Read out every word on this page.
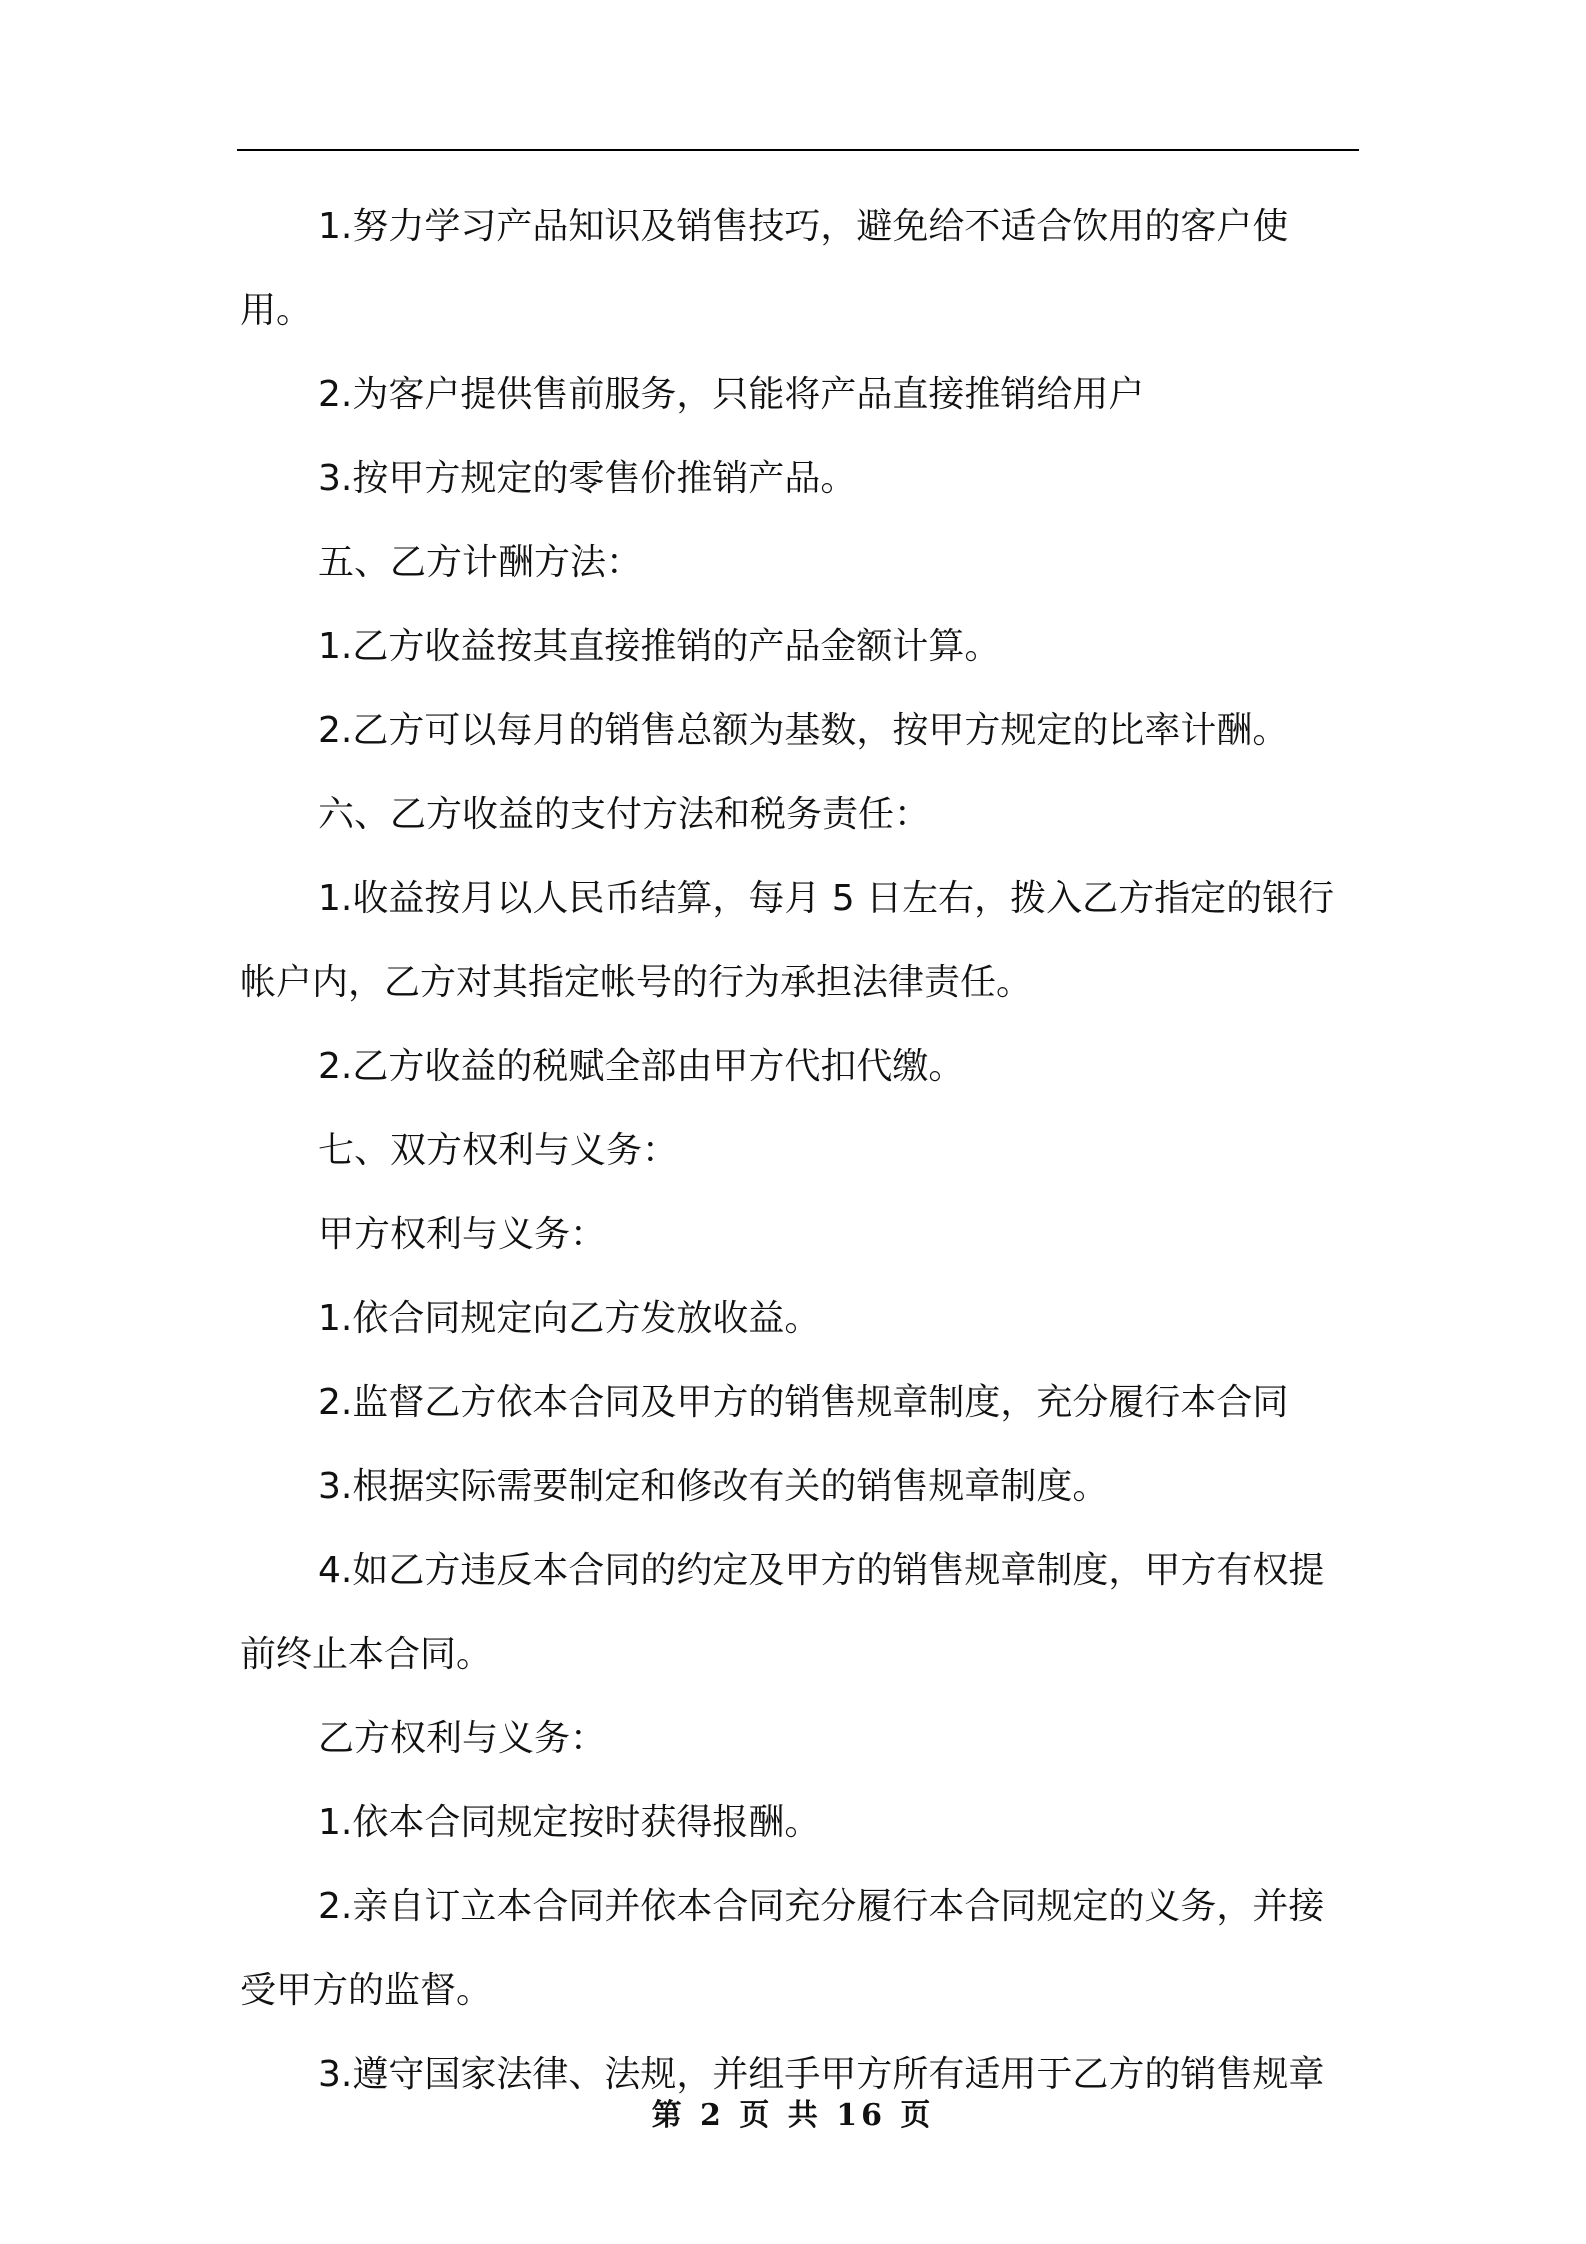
1.努力学习产品知识及销售技巧，避免给不适合饮用的客户使用。

2.为客户提供售前服务，只能将产品直接推销给用户

3.按甲方规定的零售价推销产品。

五、乙方计酬方法：

1.乙方收益按其直接推销的产品金额计算。

2.乙方可以每月的销售总额为基数，按甲方规定的比率计酬。

六、乙方收益的支付方法和税务责任：

1.收益按月以人民币结算，每月 5 日左右，拨入乙方指定的银行帐户内，乙方对其指定帐号的行为承担法律责任。

2.乙方收益的税赋全部由甲方代扣代缴。

七、双方权利与义务：

甲方权利与义务：

1.依合同规定向乙方发放收益。

2.监督乙方依本合同及甲方的销售规章制度，充分履行本合同

3.根据实际需要制定和修改有关的销售规章制度。

4.如乙方违反本合同的约定及甲方的销售规章制度，甲方有权提前终止本合同。

乙方权利与义务：

1.依本合同规定按时获得报酬。

2.亲自订立本合同并依本合同充分履行本合同规定的义务，并接受甲方的监督。

3.遵守国家法律、法规，并组手甲方所有适用于乙方的销售规章

第 2 页 共 16 页
